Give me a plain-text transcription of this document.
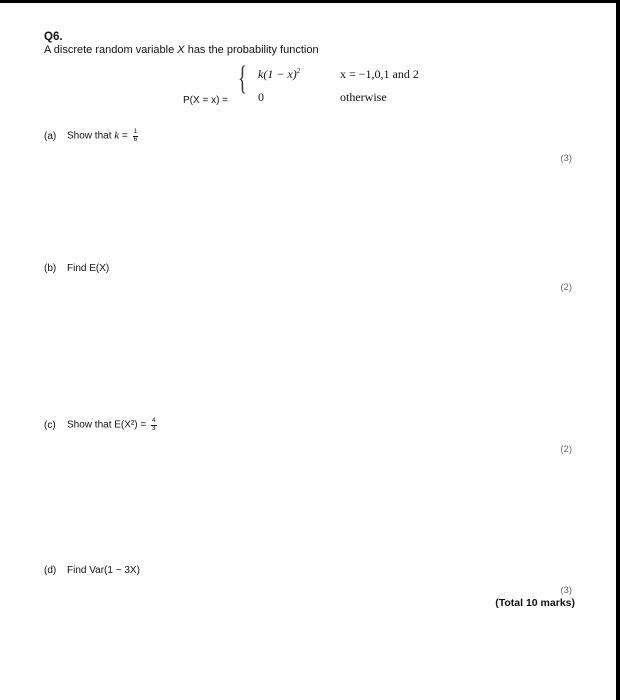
Q6.
A discrete random variable X has the probability function
P(X = x) =
{ $k(1 - x)^2$
0
x = −1,0,1 and 2
otherwise
(a) Show that $k = \frac{1}{6}$
(3)
(b) Find E(X)
(2)
(c) Show that $E(X^2) = \frac{4}{3}$
(2)
(d) Find Var(1 − 3X)
(3)
(Total 10 marks)
